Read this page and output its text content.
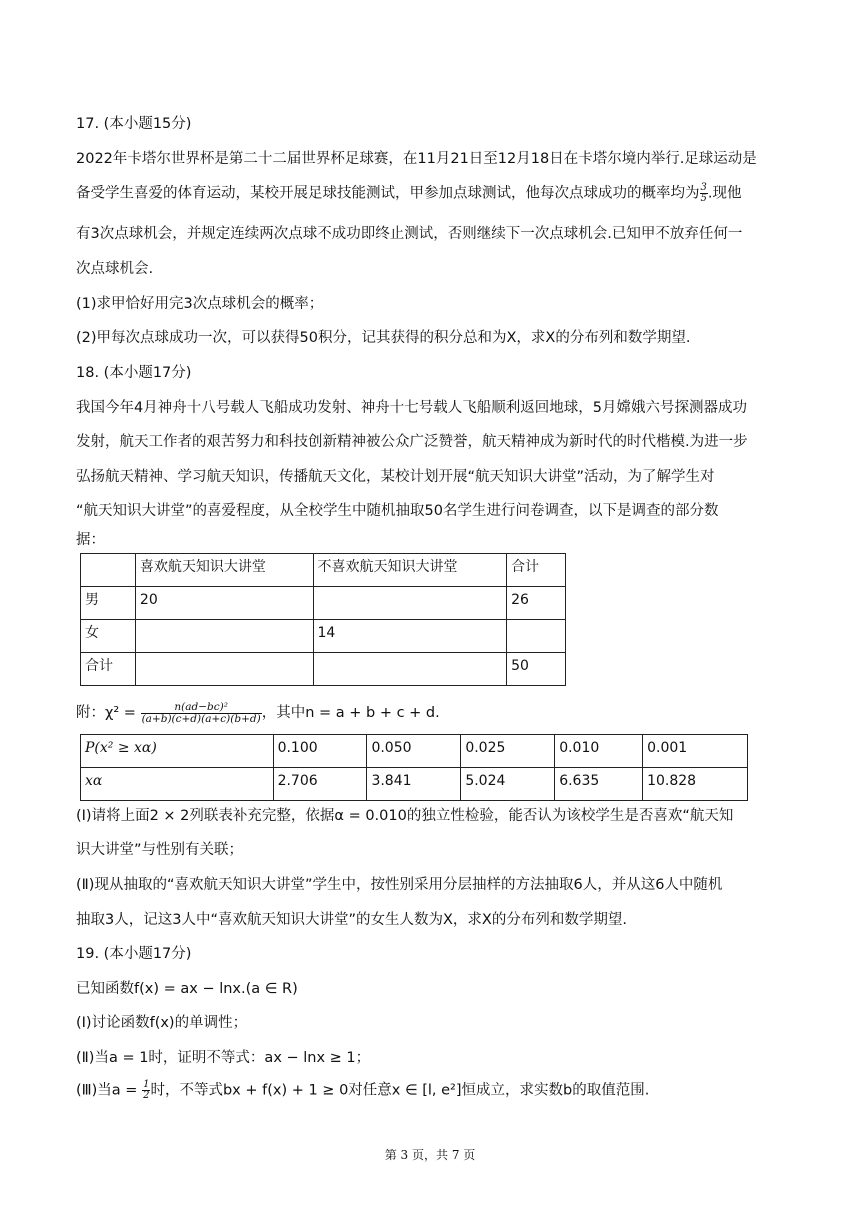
17. (本小题15分)
2022年卡塔尔世界杯是第二十二届世界杯足球赛，在11月21日至12月18日在卡塔尔境内举行.足球运动是
备受学生喜爱的体育运动，某校开展足球技能测试，甲参加点球测试，他每次点球成功的概率均为 $\frac{3}{5}$ .现他
有3次点球机会，并规定连续两次点球不成功即终止测试，否则继续下一次点球机会.已知甲不放弃任何一
次点球机会.
(1)求甲恰好用完3次点球机会的概率；
(2)甲每次点球成功一次，可以获得50积分，记其获得的积分总和为X，求X的分布列和数学期望.
18. (本小题17分)
我国今年4月神舟十八号载人飞船成功发射、神舟十七号载人飞船顺利返回地球，5月嫦娥六号探测器成功
发射，航天工作者的艰苦努力和科技创新精神被公众广泛赞誉，航天精神成为新时代的时代楷模.为进一步
弘扬航天精神、学习航天知识，传播航天文化，某校计划开展“航天知识大讲堂”活动，为了解学生对
“航天知识大讲堂”的喜爱程度，从全校学生中随机抽取50名学生进行问卷调查，以下是调查的部分数
据：
	喜欢航天知识大讲堂	不喜欢航天知识大讲堂	合计
男	20		26
女		14	
合计			50
附：$\chi^2 = \frac{\text{n(ad−bc)²}}{(a+b)(c+d)(a+c)(b+d)}$ ，其中n = a + b + c + d.
P(x² ≥ xα)	0.100	0.050	0.025	0.010	0.001
xα	2.706	3.841	5.024	6.635	10.828
(Ⅰ)请将上面2 × 2列联表补充完整，依据α = 0.010的独立性检验，能否认为该校学生是否喜欢“航天知
识大讲堂”与性别有关联；
(Ⅱ)现从抽取的“喜欢航天知识大讲堂”学生中，按性别采用分层抽样的方法抽取6人，并从这6人中随机
抽取3人，记这3人中“喜欢航天知识大讲堂”的女生人数为X，求X的分布列和数学期望.
19. (本小题17分)
已知函数f(x) = ax − lnx.(a ∈ R)
(Ⅰ)讨论函数f(x)的单调性；
(Ⅱ)当a = 1时，证明不等式：ax − lnx ≥ 1；
(Ⅲ)当$a = \frac{1}{2}$ 时，不等式bx + f(x) + 1 ≥ 0对任意x ∈ [l, e²]恒成立，求实数b的取值范围.
第 3 页，共 7 页
